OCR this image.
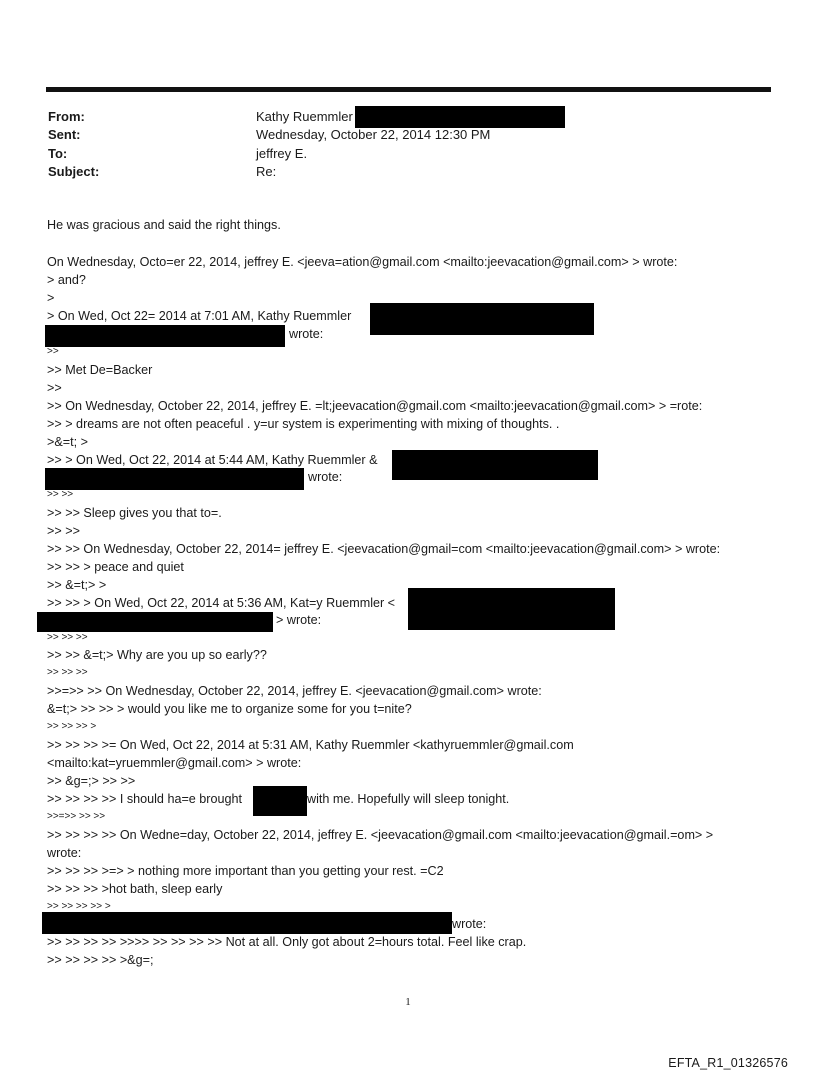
From:	Kathy Ruemmler
Sent:	Wednesday, October 22, 2014 12:30 PM
To:	jeffrey E.
Subject:	Re:
He was gracious and said the right things.
On Wednesday, Octo=er 22, 2014, jeffrey E. <jeeva=ation@gmail.com <mailto:jeevacation@gmail.com> > wrote:
> and?
>
> On Wed, Oct 22= 2014 at 7:01 AM, Kathy Ruemmler
wrote:
>>
>> Met De=Backer
>>
>> On Wednesday, October 22, 2014, jeffrey E. =lt;jeevacation@gmail.com <mailto:jeevacation@gmail.com> > =rote:
>> > dreams are not often peaceful . y=ur system is experimenting with mixing of thoughts. .
>&=t; >
>> > On Wed, Oct 22, 2014 at 5:44 AM, Kathy Ruemmler &
wrote:
>> >>
>> >> Sleep gives you that to=.
>> >>
>> >> On Wednesday, October 22, 2014= jeffrey E. <jeevacation@gmail=com <mailto:jeevacation@gmail.com> > wrote:
>> >> > peace and quiet
>> &=t;> >
>> >> > On Wed, Oct 22, 2014 at 5:36 AM, Kat=y Ruemmler <
> wrote:
>> >> >>
>> >> &=t;> Why are you up so early??
>> >> >>
>>=>> >> On Wednesday, October 22, 2014, jeffrey E. <jeevacation@gmail.com> wrote:
&=t;> >> >> > would you like me to organize some for you t=nite?
>> >> >> >
>> >> >> >= On Wed, Oct 22, 2014 at 5:31 AM, Kathy Ruemmler <kathyruemmler@gmail.com
<mailto:kat=yruemmler@gmail.com> > wrote:
>> &g=;> >> >>
>> >> >> >> I should ha=e brought	with me. Hopefully will sleep tonight.
>>=>> >> >>
>> >> >> >> On Wedne=day, October 22, 2014, jeffrey E. <jeevacation@gmail.com <mailto:jeevacation@gmail.=om> >
wrote:
>> >> >> >=> > nothing more important than you getting your rest. =C2
>> >> >> >hot bath, sleep early
>> >> >> >> >
wrote:
>> >> >> >> >>>> >> >> >> >> Not at all. Only got about 2=hours total. Feel like crap.
>> >> >> >> >&g=;
1
EFTA_R1_01326576
